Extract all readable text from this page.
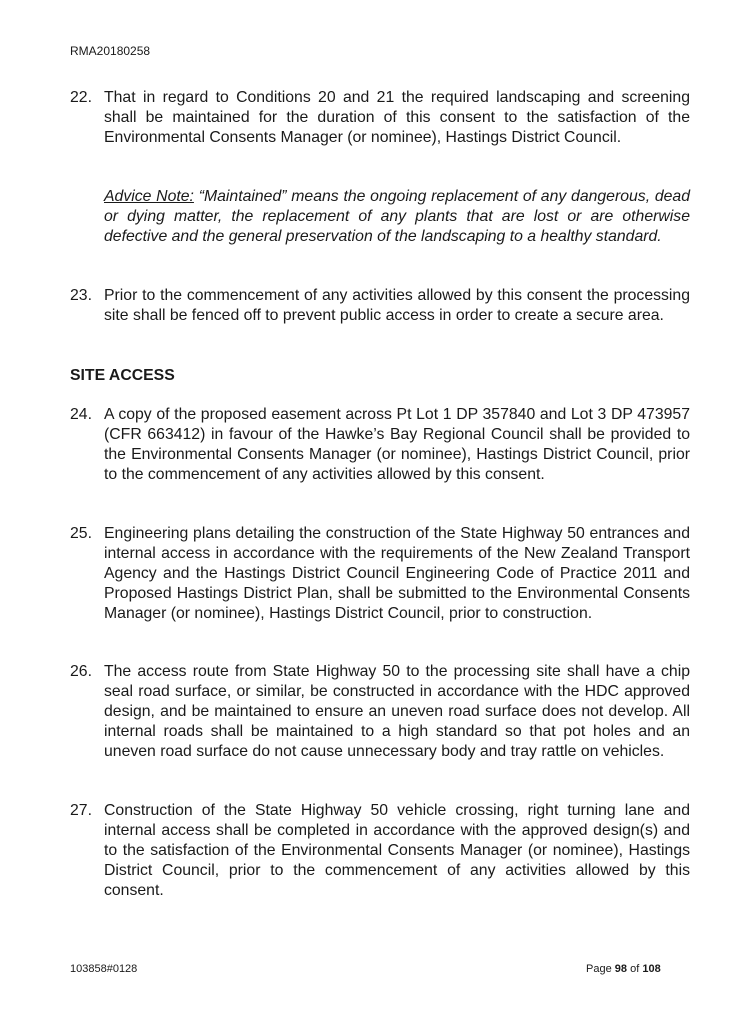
RMA20180258
22. That in regard to Conditions 20 and 21 the required landscaping and screening shall be maintained for the duration of this consent to the satisfaction of the Environmental Consents Manager (or nominee), Hastings District Council.
Advice Note: “Maintained” means the ongoing replacement of any dangerous, dead or dying matter, the replacement of any plants that are lost or are otherwise defective and the general preservation of the landscaping to a healthy standard.
23. Prior to the commencement of any activities allowed by this consent the processing site shall be fenced off to prevent public access in order to create a secure area.
SITE ACCESS
24. A copy of the proposed easement across Pt Lot 1 DP 357840 and Lot 3 DP 473957 (CFR 663412) in favour of the Hawke’s Bay Regional Council shall be provided to the Environmental Consents Manager (or nominee), Hastings District Council, prior to the commencement of any activities allowed by this consent.
25. Engineering plans detailing the construction of the State Highway 50 entrances and internal access in accordance with the requirements of the New Zealand Transport Agency and the Hastings District Council Engineering Code of Practice 2011 and Proposed Hastings District Plan, shall be submitted to the Environmental Consents Manager (or nominee), Hastings District Council, prior to construction.
26. The access route from State Highway 50 to the processing site shall have a chip seal road surface, or similar, be constructed in accordance with the HDC approved design, and be maintained to ensure an uneven road surface does not develop. All internal roads shall be maintained to a high standard so that pot holes and an uneven road surface do not cause unnecessary body and tray rattle on vehicles.
27. Construction of the State Highway 50 vehicle crossing, right turning lane and internal access shall be completed in accordance with the approved design(s) and to the satisfaction of the Environmental Consents Manager (or nominee), Hastings District Council, prior to the commencement of any activities allowed by this consent.
103858#0128	Page 98 of 108
